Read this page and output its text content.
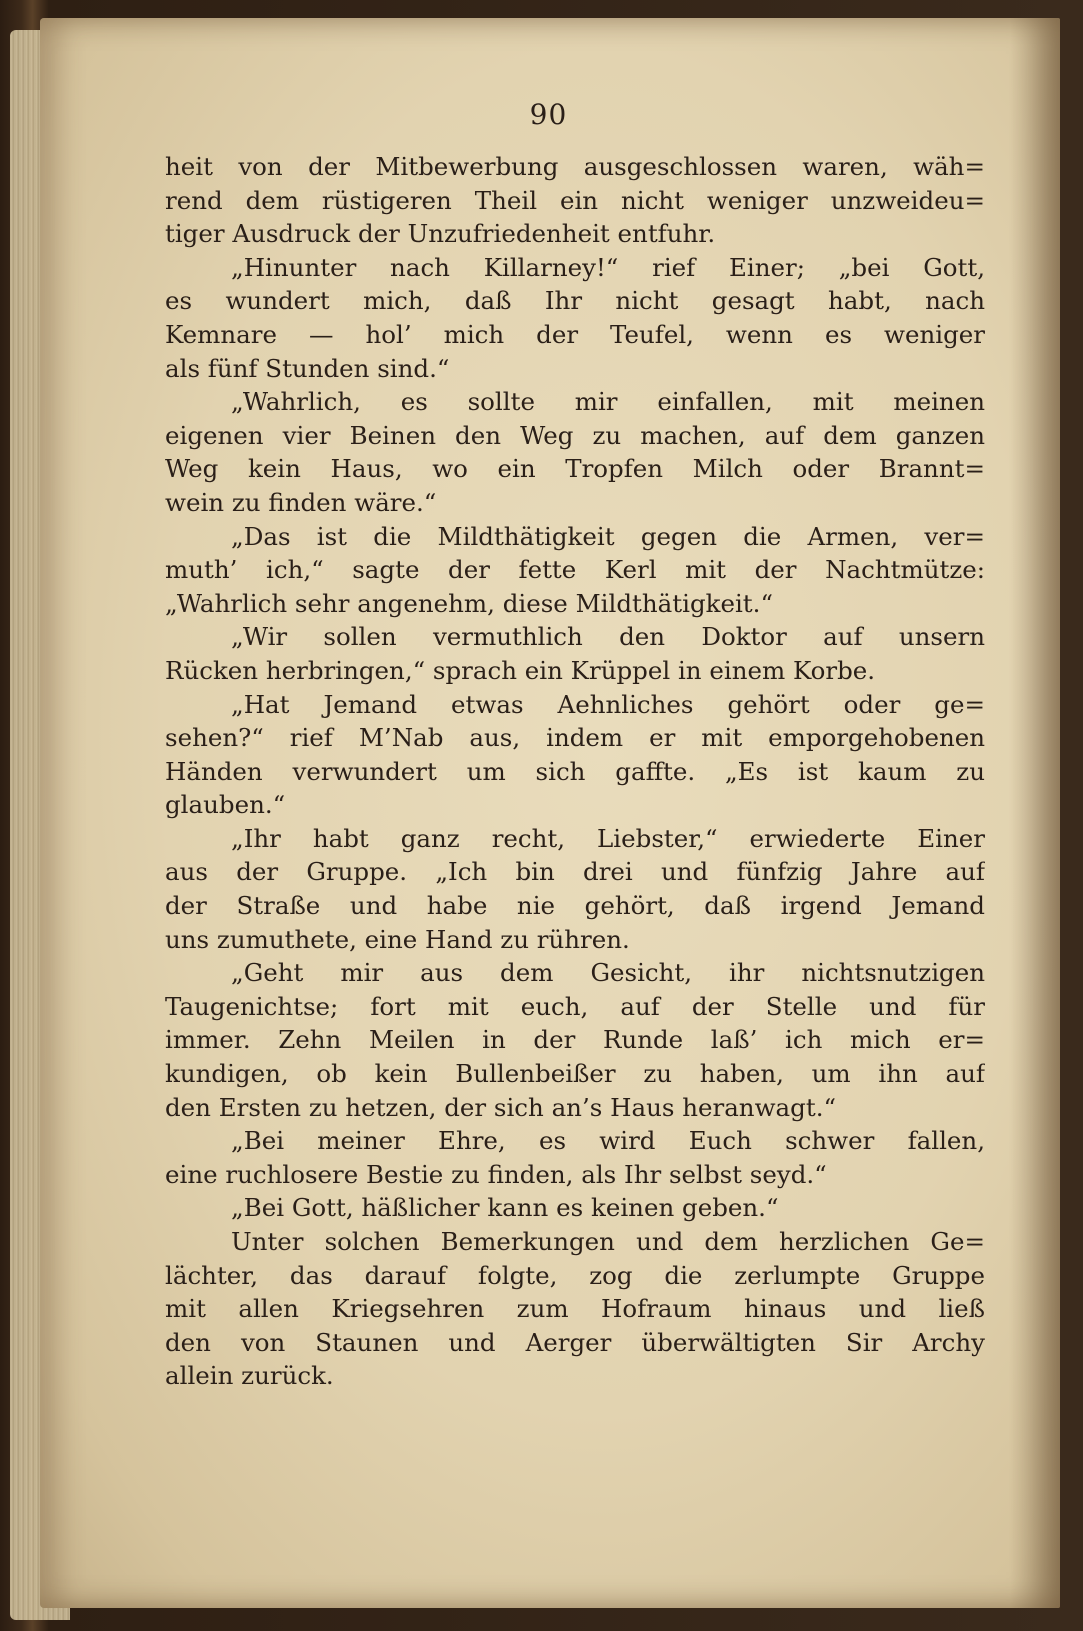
90
heit von der Mitbewerbung ausgeschlossen waren, wäh=
rend dem rüstigeren Theil ein nicht weniger unzweideu=
tiger Ausdruck der Unzufriedenheit entfuhr.
„Hinunter nach Killarney!“ rief Einer; „bei Gott,
es wundert mich, daß Ihr nicht gesagt habt, nach
Kemnare — hol’ mich der Teufel, wenn es weniger
als fünf Stunden sind.“
„Wahrlich, es sollte mir einfallen, mit meinen
eigenen vier Beinen den Weg zu machen, auf dem ganzen
Weg kein Haus, wo ein Tropfen Milch oder Brannt=
wein zu finden wäre.“
„Das ist die Mildthätigkeit gegen die Armen, ver=
muth’ ich,“ sagte der fette Kerl mit der Nachtmütze:
„Wahrlich sehr angenehm, diese Mildthätigkeit.“
„Wir sollen vermuthlich den Doktor auf unsern
Rücken herbringen,“ sprach ein Krüppel in einem Korbe.
„Hat Jemand etwas Aehnliches gehört oder ge=
sehen?“ rief M’Nab aus, indem er mit emporgehobenen
Händen verwundert um sich gaffte. „Es ist kaum zu
glauben.“
„Ihr habt ganz recht, Liebster,“ erwiederte Einer
aus der Gruppe. „Ich bin drei und fünfzig Jahre auf
der Straße und habe nie gehört, daß irgend Jemand
uns zumuthete, eine Hand zu rühren.
„Geht mir aus dem Gesicht, ihr nichtsnutzigen
Taugenichtse; fort mit euch, auf der Stelle und für
immer. Zehn Meilen in der Runde laß’ ich mich er=
kundigen, ob kein Bullenbeißer zu haben, um ihn auf
den Ersten zu hetzen, der sich an’s Haus heranwagt.“
„Bei meiner Ehre, es wird Euch schwer fallen,
eine ruchlosere Bestie zu finden, als Ihr selbst seyd.“
„Bei Gott, häßlicher kann es keinen geben.“
Unter solchen Bemerkungen und dem herzlichen Ge=
lächter, das darauf folgte, zog die zerlumpte Gruppe
mit allen Kriegsehren zum Hofraum hinaus und ließ
den von Staunen und Aerger überwältigten Sir Archy
allein zurück.
